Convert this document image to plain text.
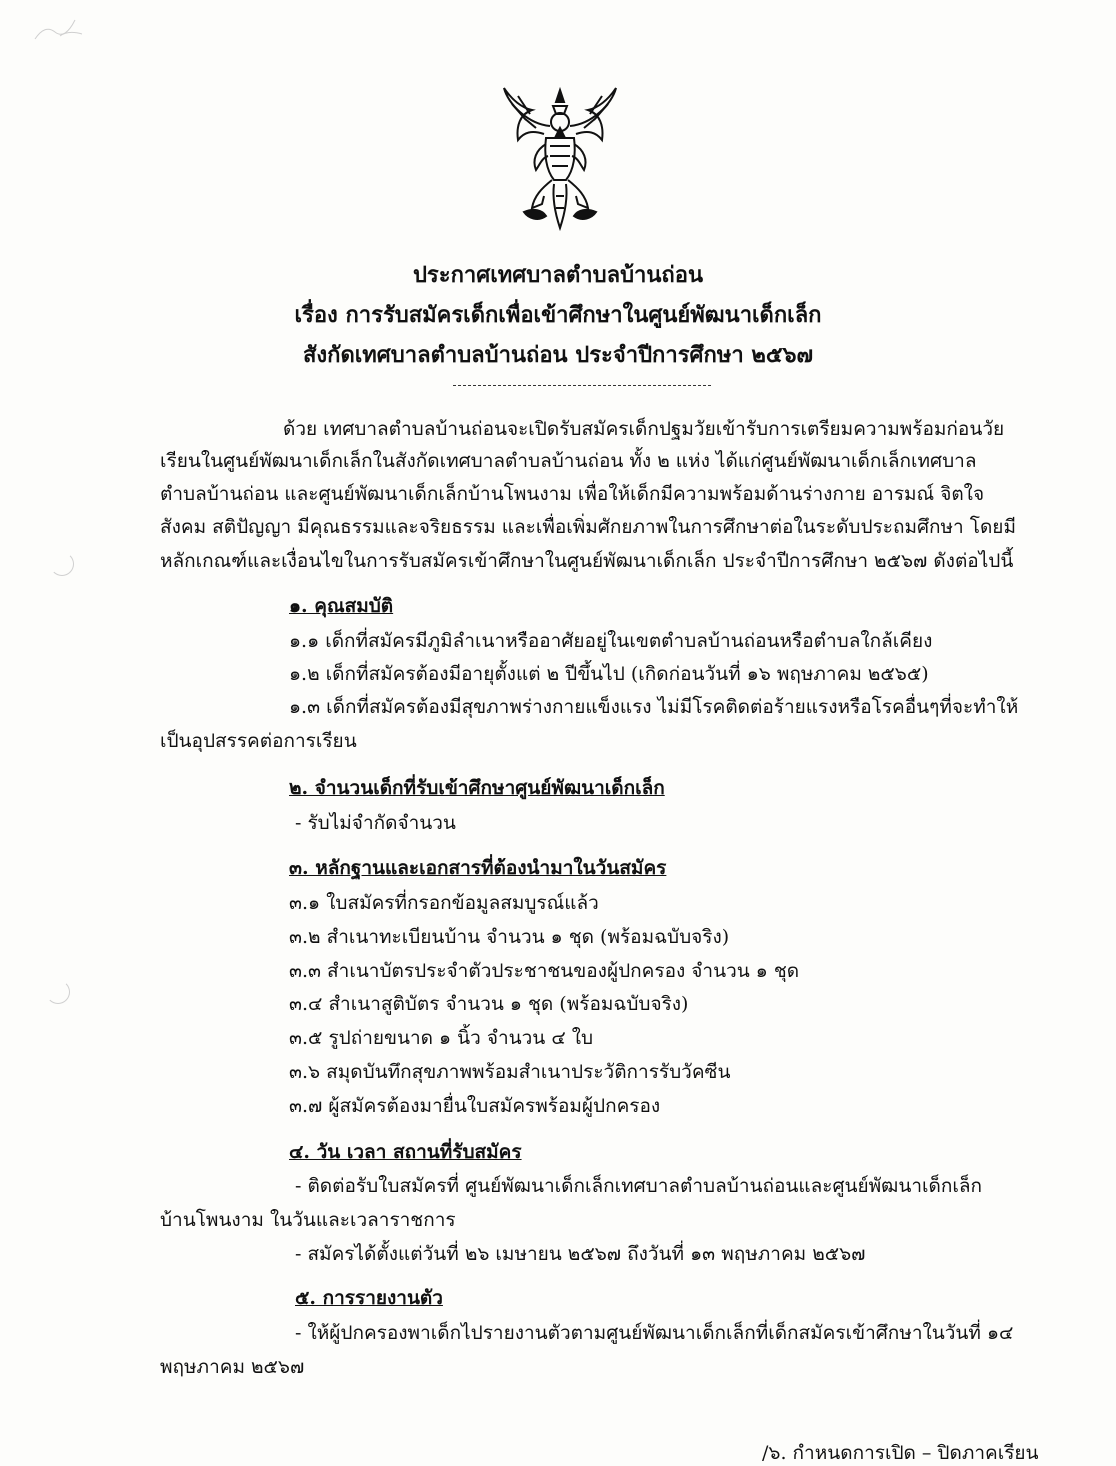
ประกาศเทศบาลตำบลบ้านถ่อน
เรื่อง การรับสมัครเด็กเพื่อเข้าศึกษาในศูนย์พัฒนาเด็กเล็ก
สังกัดเทศบาลตำบลบ้านถ่อน ประจำปีการศึกษา ๒๕๖๗
ด้วย เทศบาลตำบลบ้านถ่อนจะเปิดรับสมัครเด็กปฐมวัยเข้ารับการเตรียมความพร้อมก่อนวัย
เรียนในศูนย์พัฒนาเด็กเล็กในสังกัดเทศบาลตำบลบ้านถ่อน ทั้ง ๒ แห่ง ได้แก่ศูนย์พัฒนาเด็กเล็กเทศบาล
ตำบลบ้านถ่อน และศูนย์พัฒนาเด็กเล็กบ้านโพนงาม เพื่อให้เด็กมีความพร้อมด้านร่างกาย อารมณ์ จิตใจ
สังคม สติปัญญา มีคุณธรรมและจริยธรรม และเพื่อเพิ่มศักยภาพในการศึกษาต่อในระดับประถมศึกษา โดยมี
หลักเกณฑ์และเงื่อนไขในการรับสมัครเข้าศึกษาในศูนย์พัฒนาเด็กเล็ก ประจำปีการศึกษา ๒๕๖๗ ดังต่อไปนี้
๑. คุณสมบัติ
๑.๑ เด็กที่สมัครมีภูมิลำเนาหรืออาศัยอยู่ในเขตตำบลบ้านถ่อนหรือตำบลใกล้เคียง
๑.๒ เด็กที่สมัครต้องมีอายุตั้งแต่ ๒ ปีขึ้นไป (เกิดก่อนวันที่ ๑๖ พฤษภาคม ๒๕๖๕)
๑.๓ เด็กที่สมัครต้องมีสุขภาพร่างกายแข็งแรง ไม่มีโรคติดต่อร้ายแรงหรือโรคอื่นๆที่จะทำให้
เป็นอุปสรรคต่อการเรียน
๒. จำนวนเด็กที่รับเข้าศึกษาศูนย์พัฒนาเด็กเล็ก
- รับไม่จำกัดจำนวน
๓. หลักฐานและเอกสารที่ต้องนำมาในวันสมัคร
๓.๑ ใบสมัครที่กรอกข้อมูลสมบูรณ์แล้ว
๓.๒ สำเนาทะเบียนบ้าน จำนวน ๑ ชุด (พร้อมฉบับจริง)
๓.๓ สำเนาบัตรประจำตัวประชาชนของผู้ปกครอง จำนวน ๑ ชุด
๓.๔ สำเนาสูติบัตร จำนวน ๑ ชุด (พร้อมฉบับจริง)
๓.๕ รูปถ่ายขนาด ๑ นิ้ว จำนวน ๔ ใบ
๓.๖ สมุดบันทึกสุขภาพพร้อมสำเนาประวัติการรับวัคซีน
๓.๗ ผู้สมัครต้องมายื่นใบสมัครพร้อมผู้ปกครอง
๔. วัน เวลา สถานที่รับสมัคร
- ติดต่อรับใบสมัครที่ ศูนย์พัฒนาเด็กเล็กเทศบาลตำบลบ้านถ่อนและศูนย์พัฒนาเด็กเล็ก
บ้านโพนงาม ในวันและเวลาราชการ
- สมัครได้ตั้งแต่วันที่ ๒๖ เมษายน ๒๕๖๗ ถึงวันที่ ๑๓ พฤษภาคม ๒๕๖๗
๕. การรายงานตัว
- ให้ผู้ปกครองพาเด็กไปรายงานตัวตามศูนย์พัฒนาเด็กเล็กที่เด็กสมัครเข้าศึกษาในวันที่ ๑๔
พฤษภาคม ๒๕๖๗
/๖. กำหนดการเปิด – ปิดภาคเรียน
